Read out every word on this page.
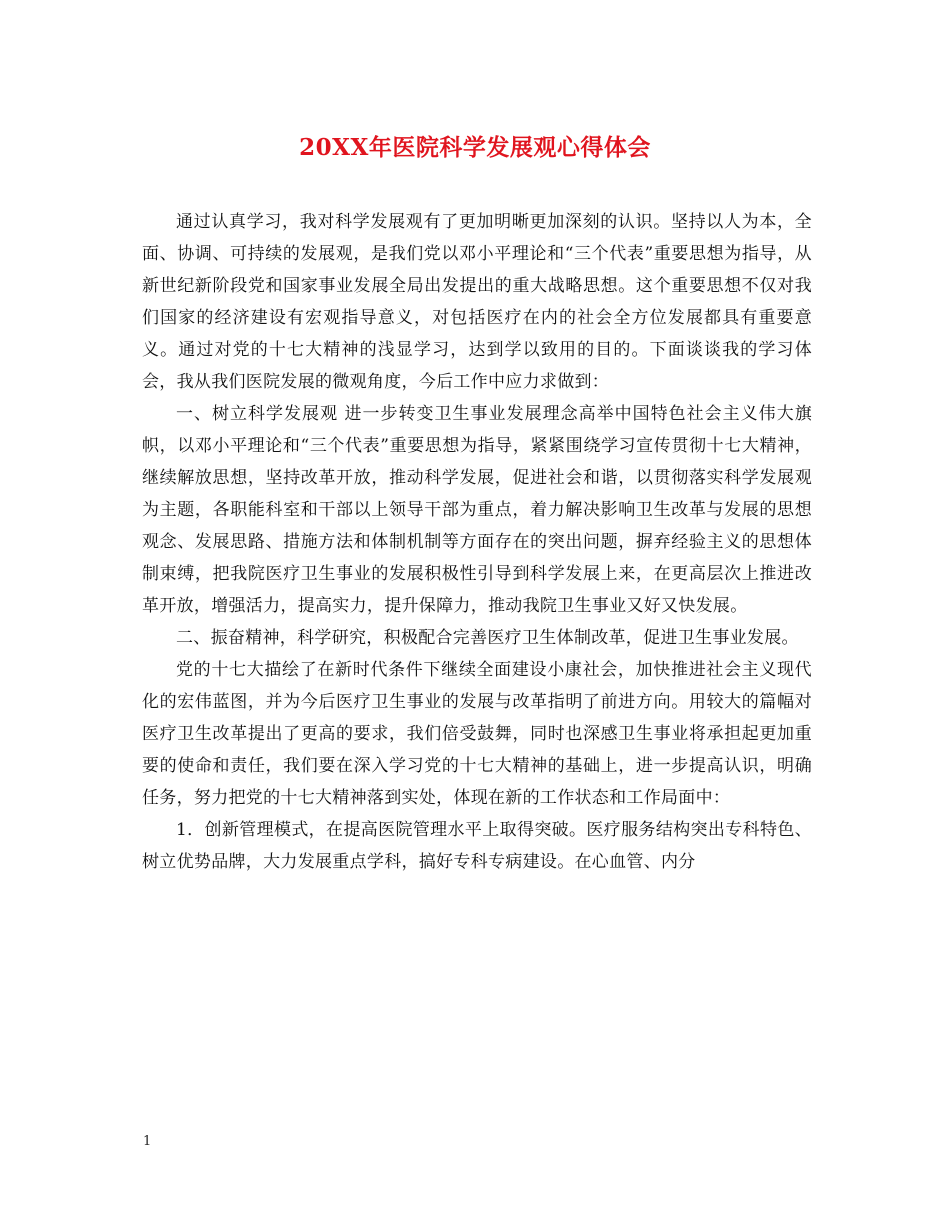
20XX年医院科学发展观心得体会

通过认真学习，我对科学发展观有了更加明晰更加深刻的认识。坚持以人为本，全面、协调、可持续的发展观，是我们党以邓小平理论和“三个代表”重要思想为指导，从新世纪新阶段党和国家事业发展全局出发提出的重大战略思想。这个重要思想不仅对我们国家的经济建设有宏观指导意义，对包括医疗在内的社会全方位发展都具有重要意义。通过对党的十七大精神的浅显学习，达到学以致用的目的。下面谈谈我的学习体会，我从我们医院发展的微观角度，今后工作中应力求做到：

一、树立科学发展观 进一步转变卫生事业发展理念高举中国特色社会主义伟大旗帜，以邓小平理论和“三个代表”重要思想为指导，紧紧围绕学习宣传贯彻十七大精神，继续解放思想，坚持改革开放，推动科学发展，促进社会和谐，以贯彻落实科学发展观为主题，各职能科室和干部以上领导干部为重点，着力解决影响卫生改革与发展的思想观念、发展思路、措施方法和体制机制等方面存在的突出问题，摒弃经验主义的思想体制束缚，把我院医疗卫生事业的发展积极性引导到科学发展上来，在更高层次上推进改革开放，增强活力，提高实力，提升保障力，推动我院卫生事业又好又快发展。

二、振奋精神，科学研究，积极配合完善医疗卫生体制改革，促进卫生事业发展。

党的十七大描绘了在新时代条件下继续全面建设小康社会，加快推进社会主义现代化的宏伟蓝图，并为今后医疗卫生事业的发展与改革指明了前进方向。用较大的篇幅对医疗卫生改革提出了更高的要求，我们倍受鼓舞，同时也深感卫生事业将承担起更加重要的使命和责任，我们要在深入学习党的十七大精神的基础上，进一步提高认识，明确任务，努力把党的十七大精神落到实处，体现在新的工作状态和工作局面中：

1．创新管理模式，在提高医院管理水平上取得突破。医疗服务结构突出专科特色、树立优势品牌，大力发展重点学科，搞好专科专病建设。在心血管、内分

1
